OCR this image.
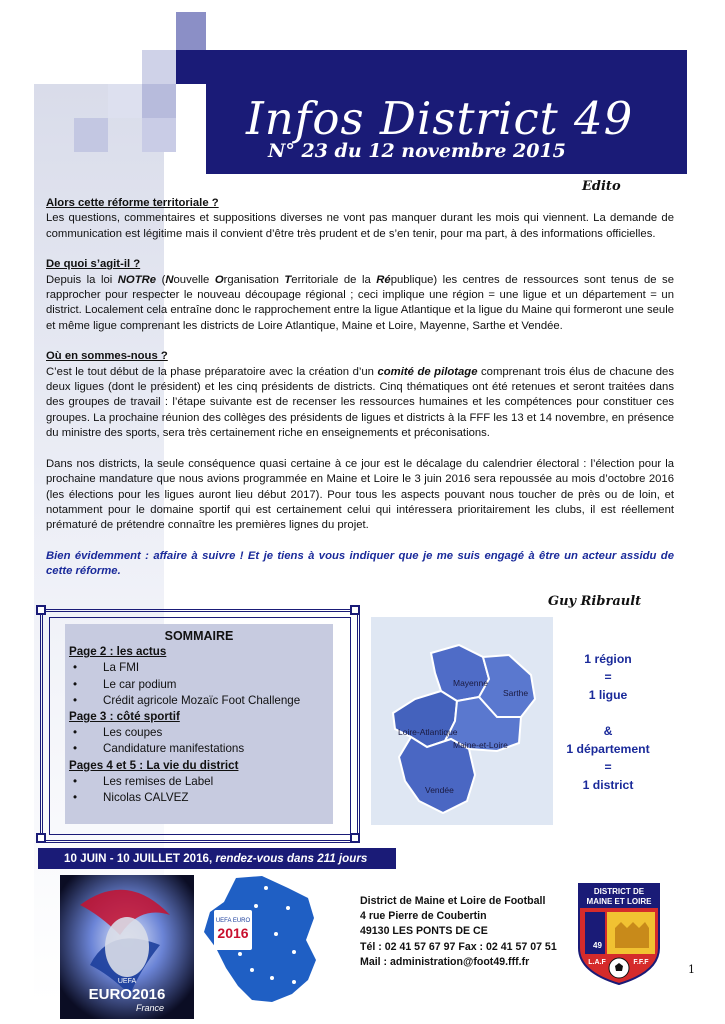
Infos District 49
N° 23 du 12 novembre 2015
Edito

Alors cette réforme territoriale ?

Les questions, commentaires et suppositions diverses ne vont pas manquer durant les mois qui viennent. La demande de communication est légitime mais il convient d’être très prudent et de s’en tenir, pour ma part, à des informations officielles.

De quoi s’agit-il ?

Depuis la loi NOTRe (Nouvelle Organisation Territoriale de la République) les centres de ressources sont tenus de se rapprocher pour respecter le nouveau découpage régional ; ceci implique une région = une ligue et un département = un district. Localement cela entraîne donc le rapprochement entre la ligue Atlantique et la ligue du Maine qui formeront une seule et même ligue comprenant les districts de Loire Atlantique, Maine et Loire, Mayenne, Sarthe et Vendée.

Où en sommes-nous ?

C’est le tout début de la phase préparatoire avec la création d’un comité de pilotage comprenant trois élus de chacune des deux ligues (dont le président) et les cinq présidents de districts. Cinq thématiques ont été retenues et seront traitées dans des groupes de travail : l’étape suivante est de recenser les ressources humaines et les compétences pour constituer ces groupes. La prochaine réunion des collèges des présidents de ligues et districts à la FFF les 13 et 14 novembre, en présence du ministre des sports, sera très certainement riche en enseignements et préconisations.

Dans nos districts, la seule conséquence quasi certaine à ce jour est le décalage du calendrier électoral : l’élection pour la prochaine mandature que nous avions programmée en Maine et Loire le 3 juin 2016 sera repoussée au mois d’octobre 2016 (les élections pour les ligues auront lieu début 2017). Pour tous les aspects pouvant nous toucher de près ou de loin, et notamment pour le domaine sportif qui est certainement celui qui intéressera prioritairement les clubs, il est réellement prématuré de prétendre connaître les premières lignes du projet.

Bien évidemment : affaire à suivre ! Et je tiens à vous indiquer que je me suis engagé à être un acteur assidu de cette réforme.

Guy Ribrault
SOMMAIRE
Page 2 : les actus
• La FMI
• Le car podium
• Crédit agricole Mozaïc Foot Challenge
Page 3 : côté sportif
• Les coupes
• Candidature manifestations
Pages 4 et 5 : La vie du district
• Les remises de Label
• Nicolas CALVEZ
Mayenne
Sarthe
Loire-Atlantique
Maine-et-Loire
Vendée
1 région
=
1 ligue
&
1 département
=
1 district
10 JUIN - 10 JUILLET 2016, rendez-vous dans 211 jours
UEFA
EURO2016
France
UEFA EURO
2016
District de Maine et Loire de Football
4 rue Pierre de Coubertin
49130 LES PONTS DE CE
Tél : 02 41 57 67 97 Fax : 02 41 57 07 51
Mail : administration@foot49.fff.fr
DISTRICT DE
MAINE ET LOIRE
49
L.A.F	F.F.F
1
